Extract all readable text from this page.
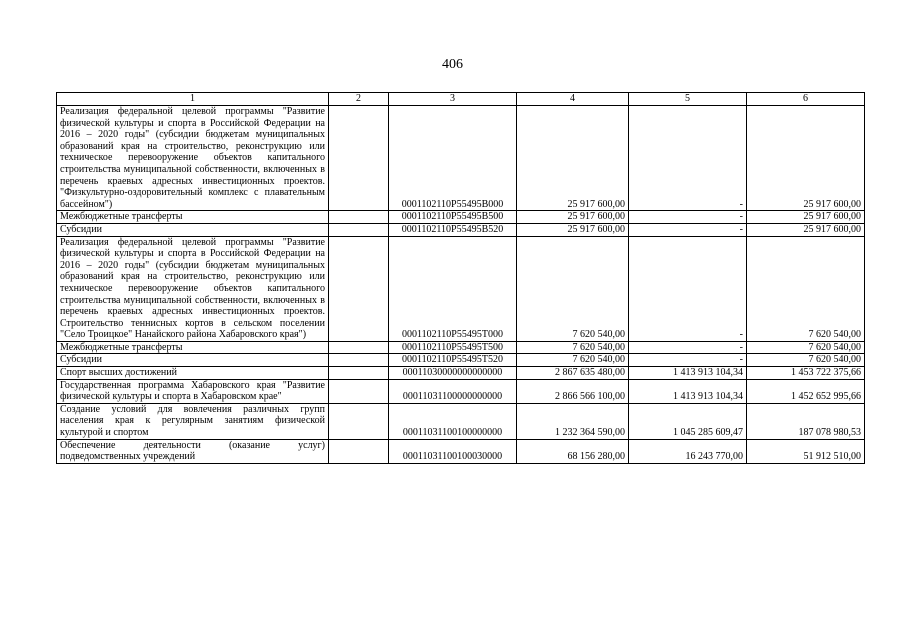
406
1	2	3	4	5	6
Реализация федеральной целевой программы "Развитие физической культуры и спорта в Российской Федерации на 2016 – 2020 годы" (субсидии бюджетам муниципальных образований края на строительство, реконструкцию или техническое перевооружение объектов капитального строительства муниципальной собственности, включенных в перечень краевых адресных инвестиционных проектов. "Физкультурно-оздоровительный комплекс с плавательным бассейном")		0001102110P55495B000	25 917 600,00	-	25 917 600,00
Межбюджетные трансферты		0001102110P55495B500	25 917 600,00	-	25 917 600,00
Субсидии		0001102110P55495B520	25 917 600,00	-	25 917 600,00
Реализация федеральной целевой программы "Развитие физической культуры и спорта в Российской Федерации на 2016 – 2020 годы" (субсидии бюджетам муниципальных образований края на строительство, реконструкцию или техническое перевооружение объектов капитального строительства муниципальной собственности, включенных в перечень краевых адресных инвестиционных проектов. Строительство теннисных кортов в сельском поселении "Село Троицкое" Нанайского района Хабаровского края")		0001102110P55495T000	7 620 540,00	-	7 620 540,00
Межбюджетные трансферты		0001102110P55495T500	7 620 540,00	-	7 620 540,00
Субсидии		0001102110P55495T520	7 620 540,00	-	7 620 540,00
Спорт высших достижений		00011030000000000000	2 867 635 480,00	1 413 913 104,34	1 453 722 375,66
Государственная программа Хабаровского края "Развитие физической культуры и спорта в Хабаровском крае"		00011031100000000000	2 866 566 100,00	1 413 913 104,34	1 452 652 995,66
Создание условий для вовлечения различных групп населения края к регулярным занятиям физической культурой и спортом		00011031100100000000	1 232 364 590,00	1 045 285 609,47	187 078 980,53
Обеспечение деятельности (оказание услуг) подведомственных учреждений		00011031100100030000	68 156 280,00	16 243 770,00	51 912 510,00
